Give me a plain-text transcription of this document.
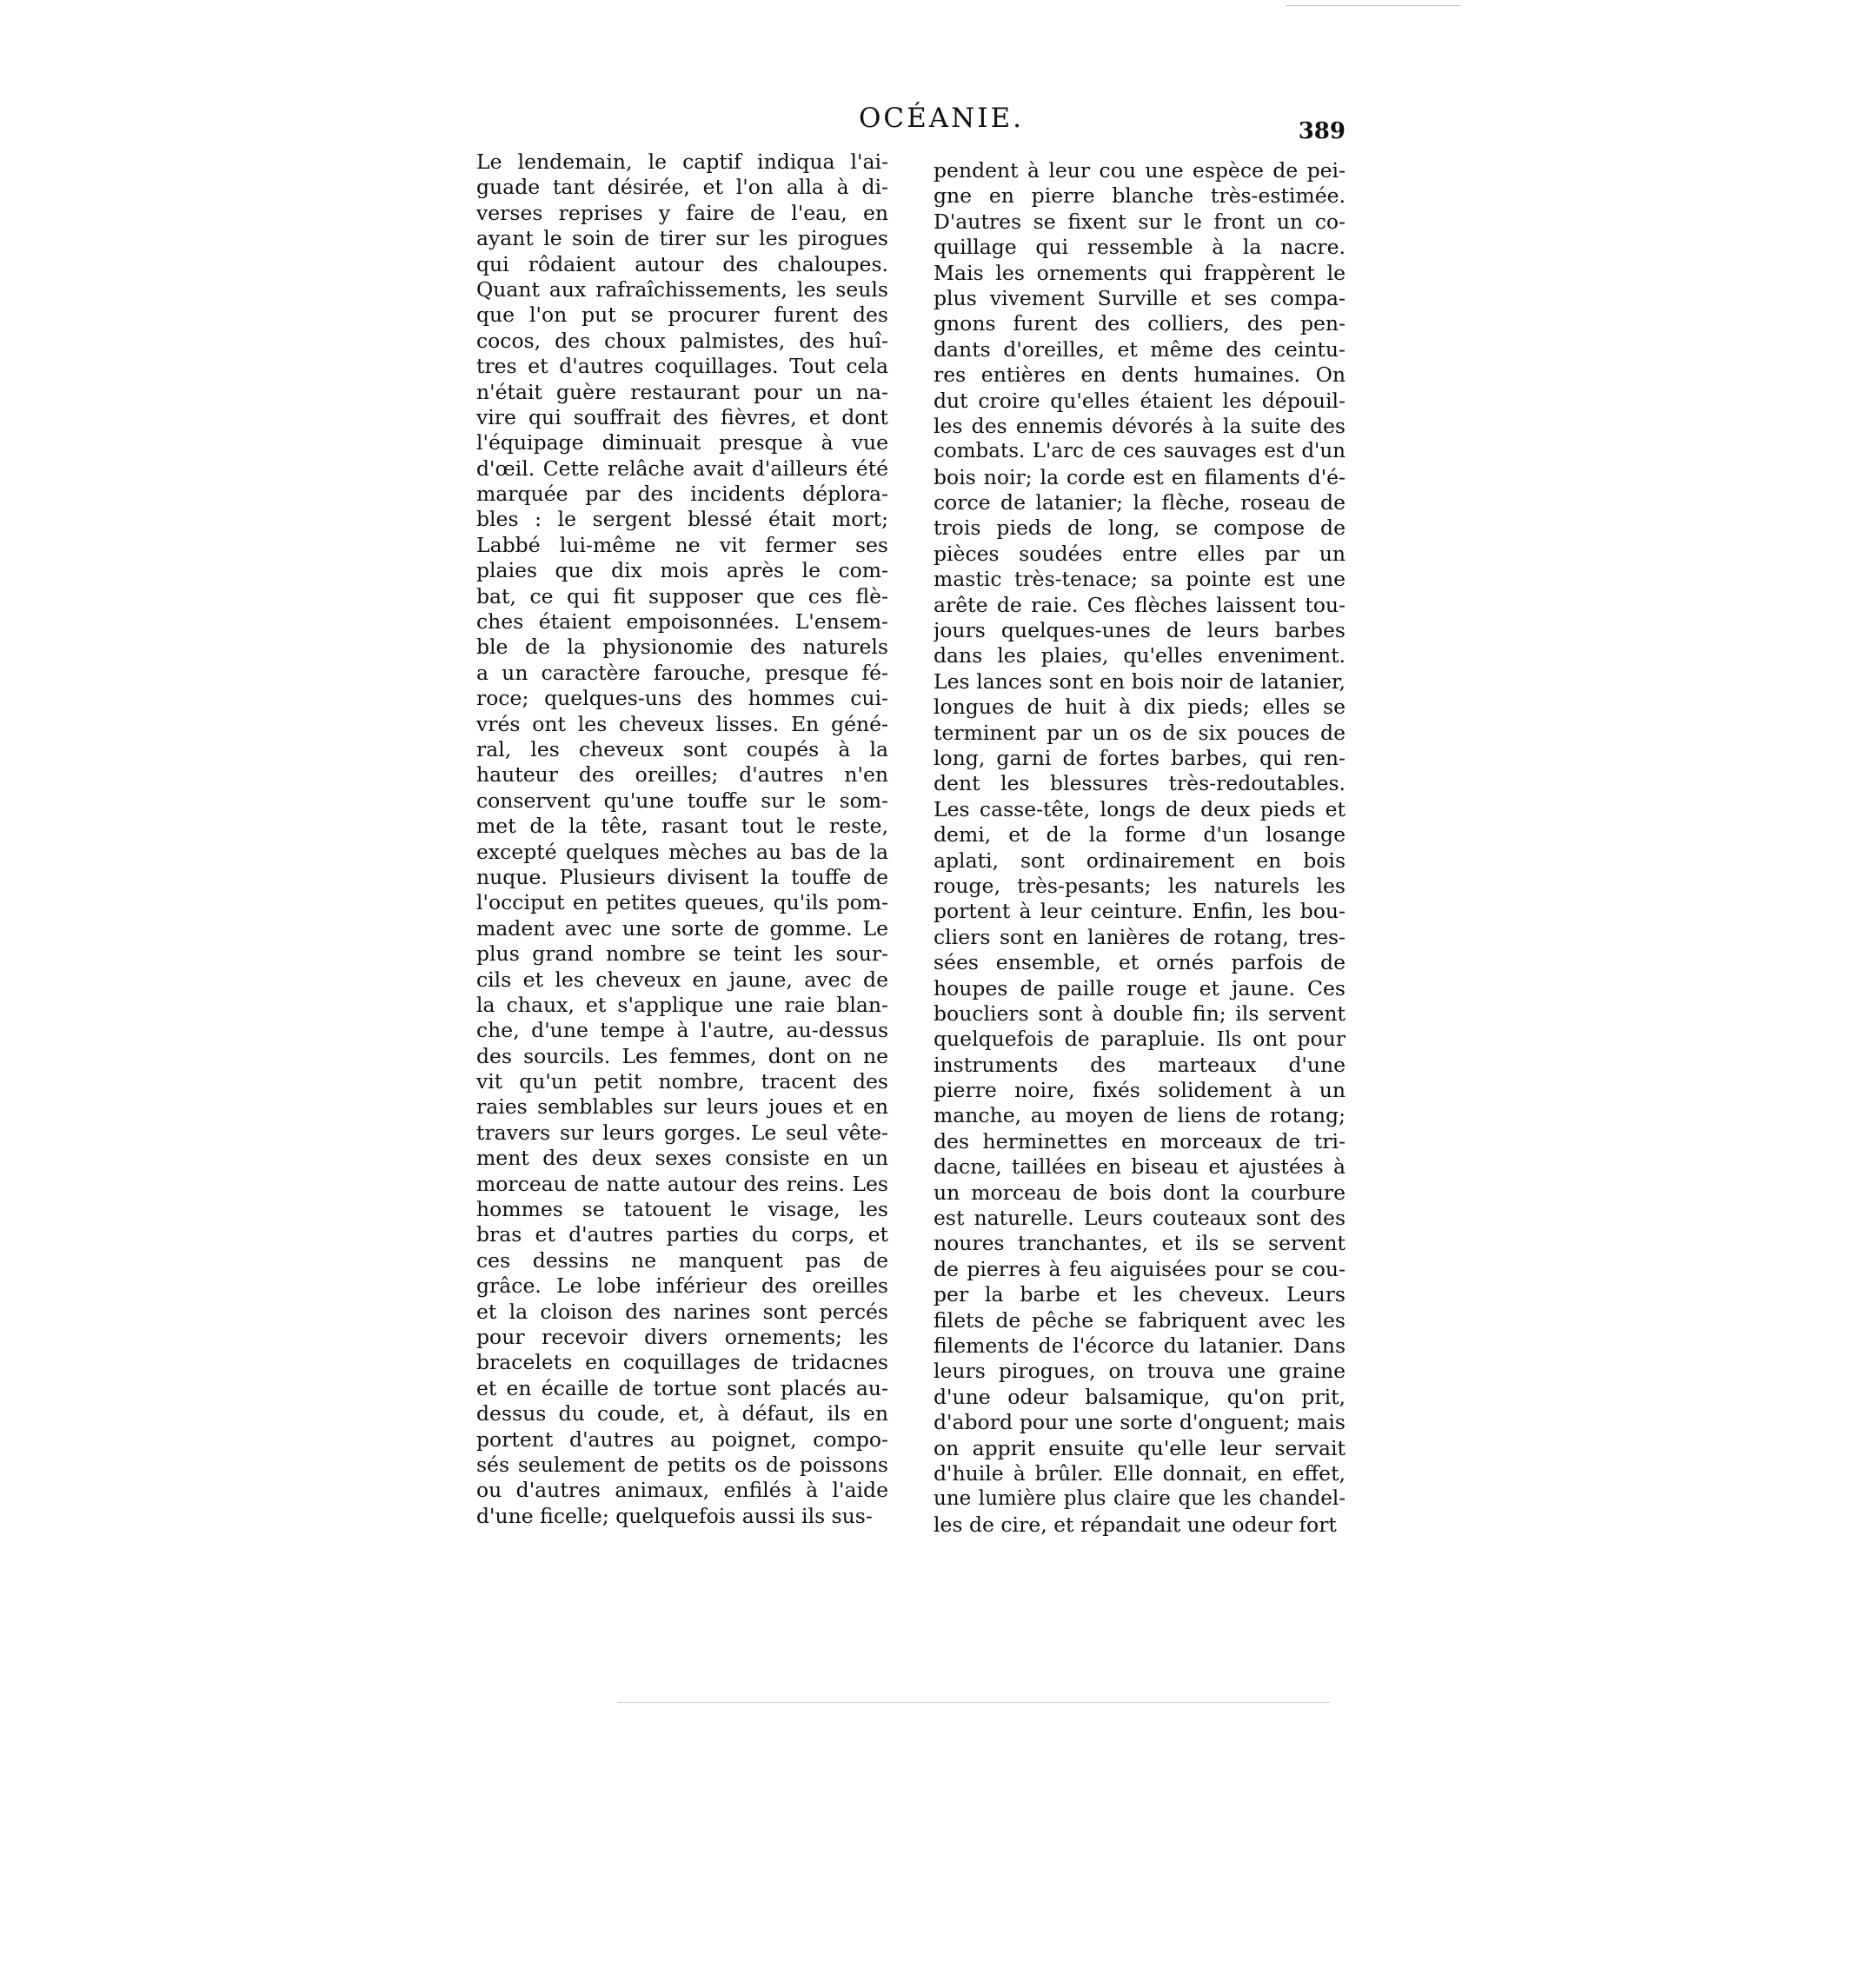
OCÉANIE.	389
Le lendemain, le captif indiqua l'ai-
guade tant désirée, et l'on alla à di-
verses reprises y faire de l'eau, en
ayant le soin de tirer sur les pirogues
qui rôdaient autour des chaloupes.
Quant aux rafraîchissements, les seuls
que l'on put se procurer furent des
cocos, des choux palmistes, des huî-
tres et d'autres coquillages. Tout cela
n'était guère restaurant pour un na-
vire qui souffrait des fièvres, et dont
l'équipage diminuait presque à vue
d'œil. Cette relâche avait d'ailleurs été
marquée par des incidents déplora-
bles : le sergent blessé était mort;
Labbé lui-même ne vit fermer ses
plaies que dix mois après le com-
bat, ce qui fit supposer que ces flè-
ches étaient empoisonnées. L'ensem-
ble de la physionomie des naturels
a un caractère farouche, presque fé-
roce; quelques-uns des hommes cui-
vrés ont les cheveux lisses. En géné-
ral, les cheveux sont coupés à la
hauteur des oreilles; d'autres n'en
conservent qu'une touffe sur le som-
met de la tête, rasant tout le reste,
excepté quelques mèches au bas de la
nuque. Plusieurs divisent la touffe de
l'occiput en petites queues, qu'ils pom-
madent avec une sorte de gomme. Le
plus grand nombre se teint les sour-
cils et les cheveux en jaune, avec de
la chaux, et s'applique une raie blan-
che, d'une tempe à l'autre, au-dessus
des sourcils. Les femmes, dont on ne
vit qu'un petit nombre, tracent des
raies semblables sur leurs joues et en
travers sur leurs gorges. Le seul vête-
ment des deux sexes consiste en un
morceau de natte autour des reins. Les
hommes se tatouent le visage, les
bras et d'autres parties du corps, et
ces dessins ne manquent pas de
grâce. Le lobe inférieur des oreilles
et la cloison des narines sont percés
pour recevoir divers ornements; les
bracelets en coquillages de tridacnes
et en écaille de tortue sont placés au-
dessus du coude, et, à défaut, ils en
portent d'autres au poignet, compo-
sés seulement de petits os de poissons
ou d'autres animaux, enfilés à l'aide
d'une ficelle; quelquefois aussi ils sus-
pendent à leur cou une espèce de pei-
gne en pierre blanche très-estimée.
D'autres se fixent sur le front un co-
quillage qui ressemble à la nacre.
Mais les ornements qui frappèrent le
plus vivement Surville et ses compa-
gnons furent des colliers, des pen-
dants d'oreilles, et même des ceintu-
res entières en dents humaines. On
dut croire qu'elles étaient les dépouil-
les des ennemis dévorés à la suite des
combats. L'arc de ces sauvages est d'un
bois noir; la corde est en filaments d'é-
corce de latanier; la flèche, roseau de
trois pieds de long, se compose de
pièces soudées entre elles par un
mastic très-tenace; sa pointe est une
arête de raie. Ces flèches laissent tou-
jours quelques-unes de leurs barbes
dans les plaies, qu'elles enveniment.
Les lances sont en bois noir de latanier,
longues de huit à dix pieds; elles se
terminent par un os de six pouces de
long, garni de fortes barbes, qui ren-
dent les blessures très-redoutables.
Les casse-tête, longs de deux pieds et
demi, et de la forme d'un losange
aplati, sont ordinairement en bois
rouge, très-pesants; les naturels les
portent à leur ceinture. Enfin, les bou-
cliers sont en lanières de rotang, tres-
sées ensemble, et ornés parfois de
houpes de paille rouge et jaune. Ces
boucliers sont à double fin; ils servent
quelquefois de parapluie. Ils ont pour
instruments des marteaux d'une
pierre noire, fixés solidement à un
manche, au moyen de liens de rotang;
des herminettes en morceaux de tri-
dacne, taillées en biseau et ajustées à
un morceau de bois dont la courbure
est naturelle. Leurs couteaux sont des
noures tranchantes, et ils se servent
de pierres à feu aiguisées pour se cou-
per la barbe et les cheveux. Leurs
filets de pêche se fabriquent avec les
filements de l'écorce du latanier. Dans
leurs pirogues, on trouva une graine
d'une odeur balsamique, qu'on prit,
d'abord pour une sorte d'onguent; mais
on apprit ensuite qu'elle leur servait
d'huile à brûler. Elle donnait, en effet,
une lumière plus claire que les chandel-
les de cire, et répandait une odeur fort
